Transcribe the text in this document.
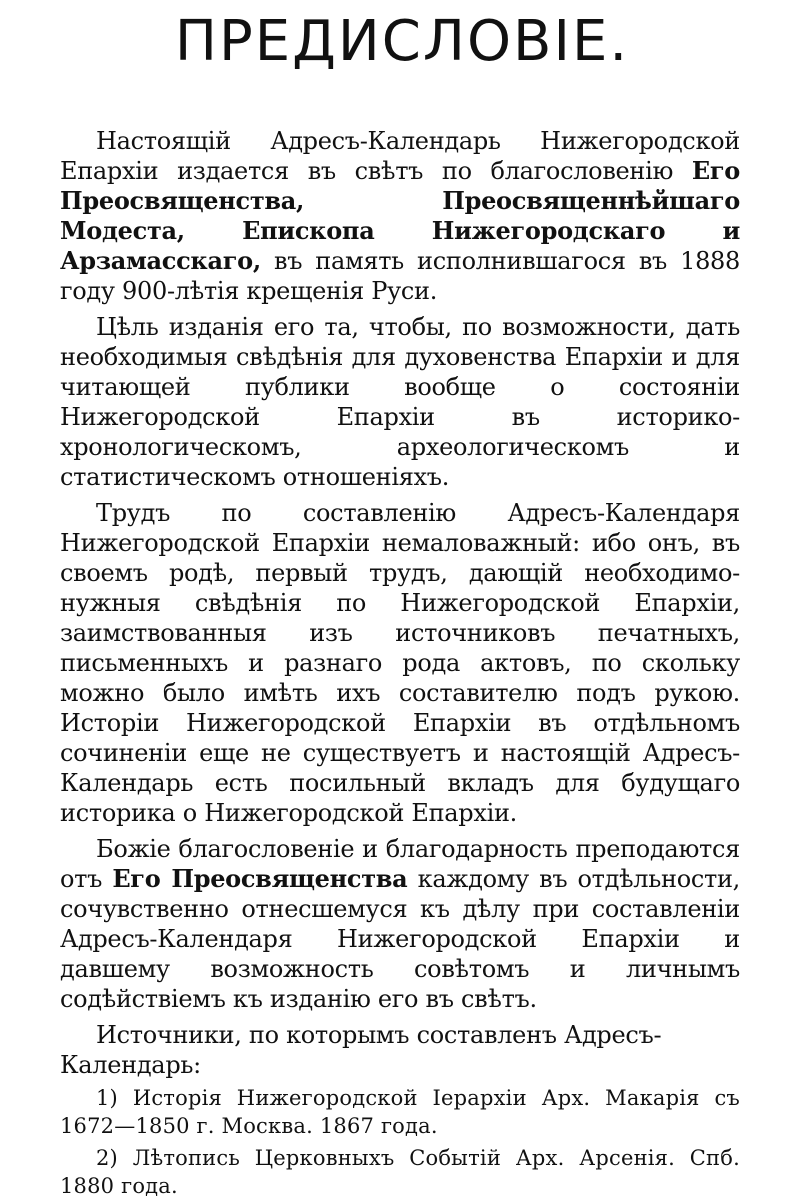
ПРЕДИСЛОВІЕ.

Настоящій Адресъ-Календарь Нижегородской Епархіи издается въ свѣтъ по благословенію Его Преосвященства, Преосвященнѣйшаго Модеста, Епископа Нижегородскаго и Арзамасскаго, въ память исполнившагося въ 1888 году 900-лѣтія крещенія Руси.

Цѣль изданія его та, чтобы, по возможности, дать необходимыя свѣдѣнія для духовенства Епархіи и для читающей публики вообще о состояніи Нижегородской Епархіи въ историко-хронологическомъ, археологическомъ и статистическомъ отношеніяхъ.

Трудъ по составленію Адресъ-Календаря Нижегородской Епархіи немаловажный: ибо онъ, въ своемъ родѣ, первый трудъ, дающій необходимо-нужныя свѣдѣнія по Нижегородской Епархіи, заимствованныя изъ источниковъ печатныхъ, письменныхъ и разнаго рода актовъ, по скольку можно было имѣть ихъ составителю подъ рукою. Исторіи Нижегородской Епархіи въ отдѣльномъ сочиненіи еще не существуетъ и настоящій Адресъ-Календарь есть посильный вкладъ для будущаго историка о Нижегородской Епархіи.

Божіе благословеніе и благодарность преподаются отъ Его Преосвященства каждому въ отдѣльности, сочувственно отнесшемуся къ дѣлу при составленіи Адресъ-Календаря Нижегородской Епархіи и давшему возможность совѣтомъ и личнымъ содѣйствіемъ къ изданію его въ свѣтъ.

Источники, по которымъ составленъ Адресъ-Календарь:

1) Исторія Нижегородской Іерархіи Арх. Макарія съ 1672—1850 г. Москва. 1867 года.

2) Лѣтопись Церковныхъ Событій Арх. Арсенія. Спб. 1880 года.
